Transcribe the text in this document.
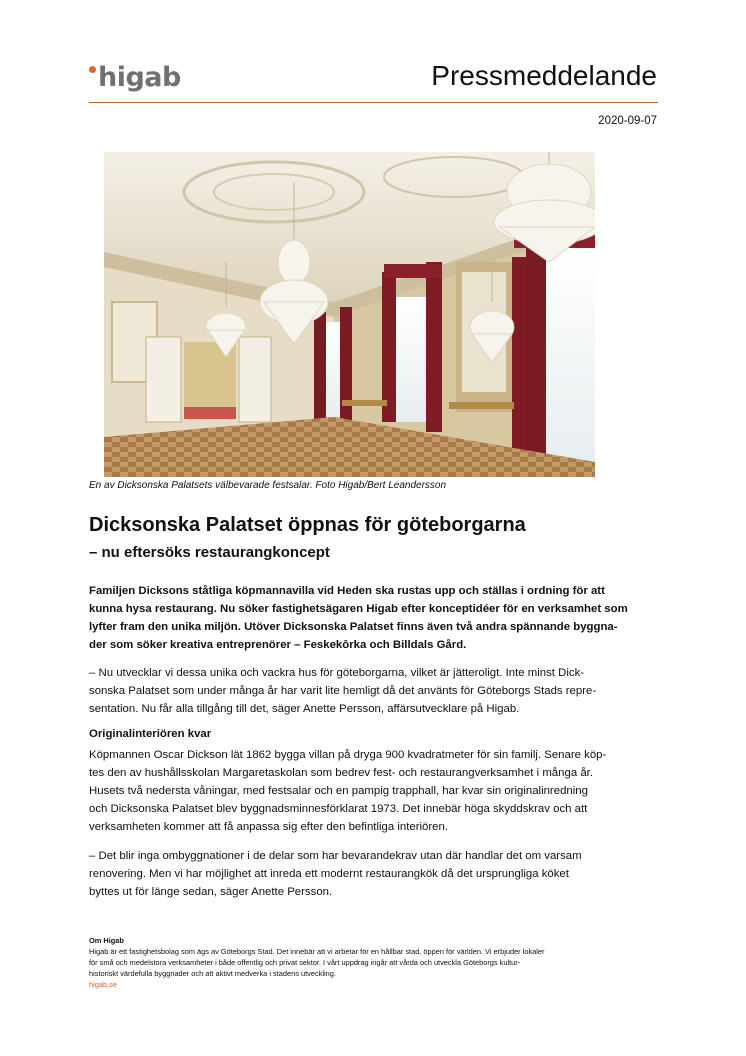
higab	Pressmeddelande
2020-09-07
En av Dicksonska Palatsets välbevarade festsalar. Foto Higab/Bert Leandersson
Dicksonska Palatset öppnas för göteborgarna
– nu eftersöks restaurangkoncept
Familjen Dicksons ståtliga köpmannavilla vid Heden ska rustas upp och ställas i ordning för att
kunna hysa restaurang. Nu söker fastighetsägaren Higab efter konceptidéer för en verksamhet som
lyfter fram den unika miljön. Utöver Dicksonska Palatset finns även två andra spännande byggna-
der som söker kreativa entreprenörer – Feskekôrka och Billdals Gård.
– Nu utvecklar vi dessa unika och vackra hus för göteborgarna, vilket är jätteroligt. Inte minst Dick-
sonska Palatset som under många år har varit lite hemligt då det använts för Göteborgs Stads repre-
sentation. Nu får alla tillgång till det, säger Anette Persson, affärsutvecklare på Higab.
Originalinteriören kvar
Köpmannen Oscar Dickson lät 1862 bygga villan på dryga 900 kvadratmeter för sin familj. Senare köp-
tes den av hushållsskolan Margaretaskolan som bedrev fest- och restaurangverksamhet i många år.
Husets två nedersta våningar, med festsalar och en pampig trapphall, har kvar sin originalinredning
och Dicksonska Palatset blev byggnadsminnesförklarat 1973. Det innebär höga skyddskrav och att
verksamheten kommer att få anpassa sig efter den befintliga interiören.
– Det blir inga ombyggnationer i de delar som har bevarandekrav utan där handlar det om varsam
renovering. Men vi har möjlighet att inreda ett modernt restaurangkök då det ursprungliga köket
byttes ut för länge sedan, säger Anette Persson.
Om Higab
Higab är ett fastighetsbolag som ägs av Göteborgs Stad. Det innebär att vi arbetar för en hållbar stad, öppen för världen. Vi erbjuder lokaler
för små och medelstora verksamheter i både offentlig och privat sektor. I vårt uppdrag ingår att vårda och utveckla Göteborgs kultur-
historiskt värdefulla byggnader och att aktivt medverka i stadens utveckling.
higab.se
